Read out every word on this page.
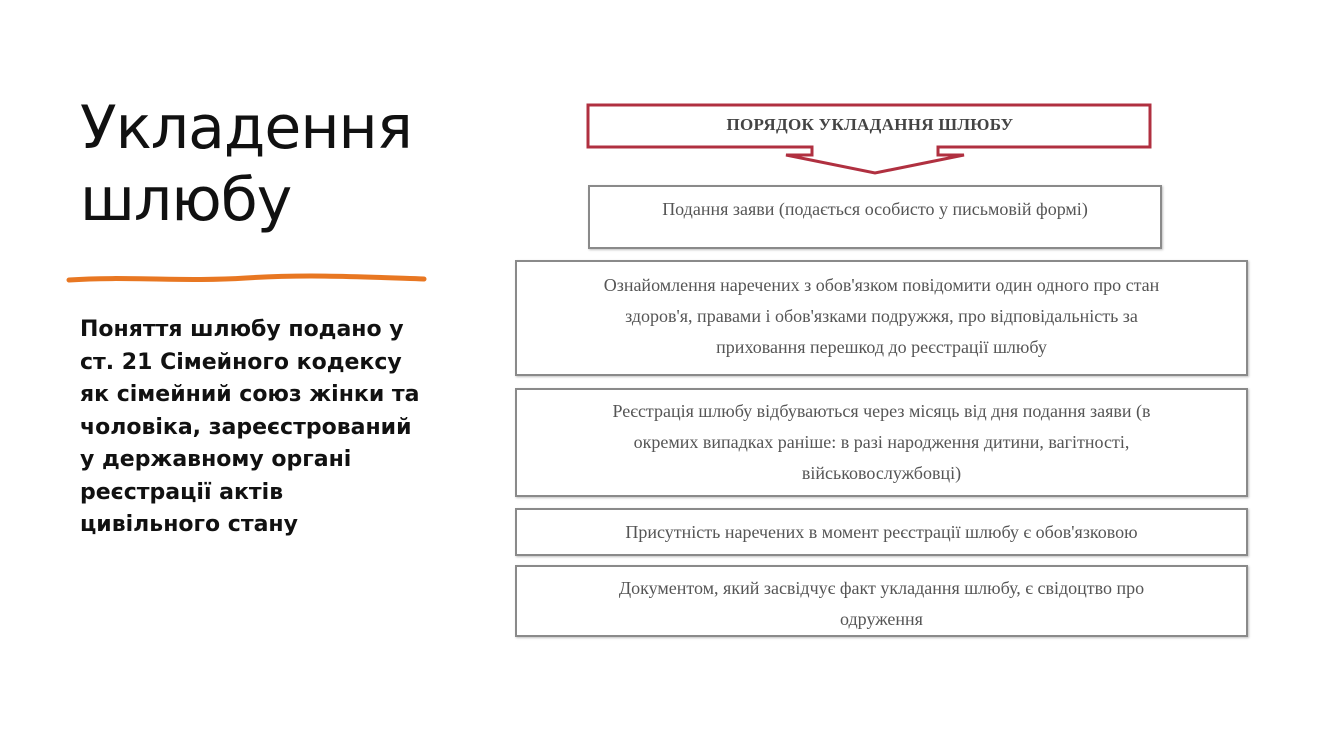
Укладення
шлюбу
Поняття шлюбу подано у
ст. 21 Сімейного кодексу
як сімейний союз жінки та
чоловіка, зареєстрований
у державному органі
реєстрації актів
цивільного стану
ПОРЯДОК УКЛАДАННЯ ШЛЮБУ
Подання заяви (подається особисто у письмовій формі)
Ознайомлення наречених з обов'язком повідомити один одного про стан
здоров'я, правами і обов'язками подружжя, про відповідальність за
приховання перешкод до реєстрації шлюбу
Реєстрація шлюбу відбуваються через місяць від дня подання заяви (в
окремих випадках раніше: в разі народження дитини, вагітності,
військовослужбовці)
Присутність наречених в момент реєстрації шлюбу є обов'язковою
Документом, який засвідчує факт укладання шлюбу, є свідоцтво про
одруження
